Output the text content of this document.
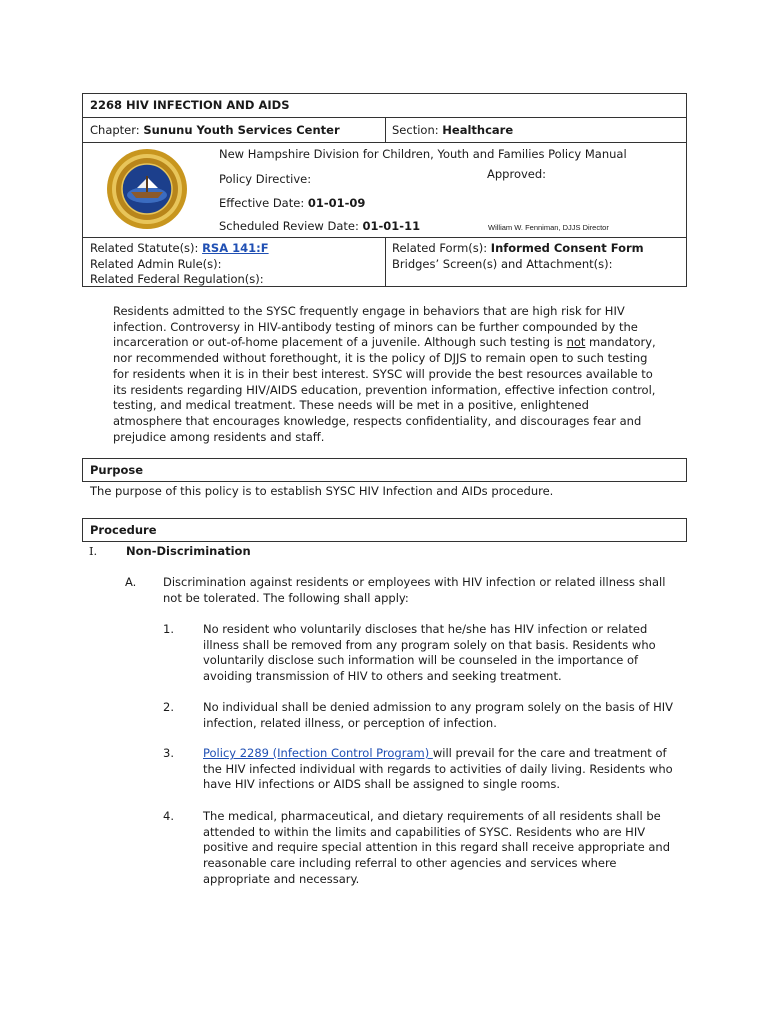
2268 HIV INFECTION AND AIDS
Chapter: Sununu Youth Services Center	Section: Healthcare
New Hampshire Division for Children, Youth and Families Policy Manual
Policy Directive:	Approved:
Effective Date: 01-01-09
Scheduled Review Date: 01-01-11	William W. Fenniman, DJJS Director
Related Statute(s): RSA 141:F
Related Admin Rule(s):
Related Federal Regulation(s):
Related Form(s): Informed Consent Form
Bridges’ Screen(s) and Attachment(s):

Residents admitted to the SYSC frequently engage in behaviors that are high risk for HIV infection. Controversy in HIV-antibody testing of minors can be further compounded by the incarceration or out-of-home placement of a juvenile. Although such testing is not mandatory, nor recommended without forethought, it is the policy of DJJS to remain open to such testing for residents when it is in their best interest. SYSC will provide the best resources available to its residents regarding HIV/AIDS education, prevention information, effective infection control, testing, and medical treatment. These needs will be met in a positive, enlightened atmosphere that encourages knowledge, respects confidentiality, and discourages fear and prejudice among residents and staff.

Purpose
The purpose of this policy is to establish SYSC HIV Infection and AIDs procedure.
Procedure
I.	Non-Discrimination
A. Discrimination against residents or employees with HIV infection or related illness shall not be tolerated. The following shall apply:

1.	No resident who voluntarily discloses that he/she has HIV infection or related illness shall be removed from any program solely on that basis. Residents who voluntarily disclose such information will be counseled in the importance of avoiding transmission of HIV to others and seeking treatment.

2.	No individual shall be denied admission to any program solely on the basis of HIV infection, related illness, or perception of infection.

3.	Policy 2289 (Infection Control Program) will prevail for the care and treatment of the HIV infected individual with regards to activities of daily living. Residents who have HIV infections or AIDS shall be assigned to single rooms.

4.	The medical, pharmaceutical, and dietary requirements of all residents shall be attended to within the limits and capabilities of SYSC. Residents who are HIV positive and require special attention in this regard shall receive appropriate and reasonable care including referral to other agencies and services where appropriate and necessary.
